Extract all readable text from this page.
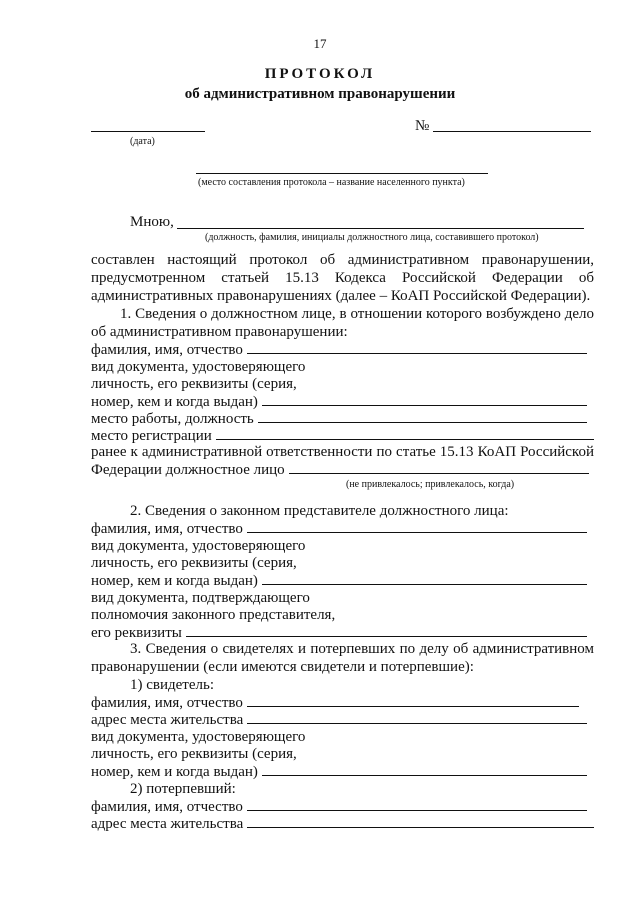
17
ПРОТОКОЛ
об административном правонарушении
(дата)
№
(место составления протокола – название населенного пункта)
Мною,
(должность, фамилия, инициалы должностного лица, составившего протокол)
составлен настоящий протокол об административном правонарушении,
предусмотренном статьей 15.13 Кодекса Российской Федерации об
административных правонарушениях (далее – КоАП Российской Федерации).
1. Сведения о должностном лице, в отношении которого возбуждено дело
об административном правонарушении:
фамилия, имя, отчество
вид документа, удостоверяющего
личность, его реквизиты (серия,
номер, кем и когда выдан)
место работы, должность
место регистрации
ранее к административной ответственности по статье 15.13 КоАП Российской
Федерации должностное лицо
(не привлекалось; привлекалось, когда)
2. Сведения о законном представителе должностного лица:
фамилия, имя, отчество
вид документа, удостоверяющего
личность, его реквизиты (серия,
номер, кем и когда выдан)
вид документа, подтверждающего
полномочия законного представителя,
его реквизиты
3. Сведения о свидетелях и потерпевших по делу об административном
правонарушении (если имеются свидетели и потерпевшие):
1) свидетель:
фамилия, имя, отчество
адрес места жительства
вид документа, удостоверяющего
личность, его реквизиты (серия,
номер, кем и когда выдан)
2) потерпевший:
фамилия, имя, отчество
адрес места жительства
